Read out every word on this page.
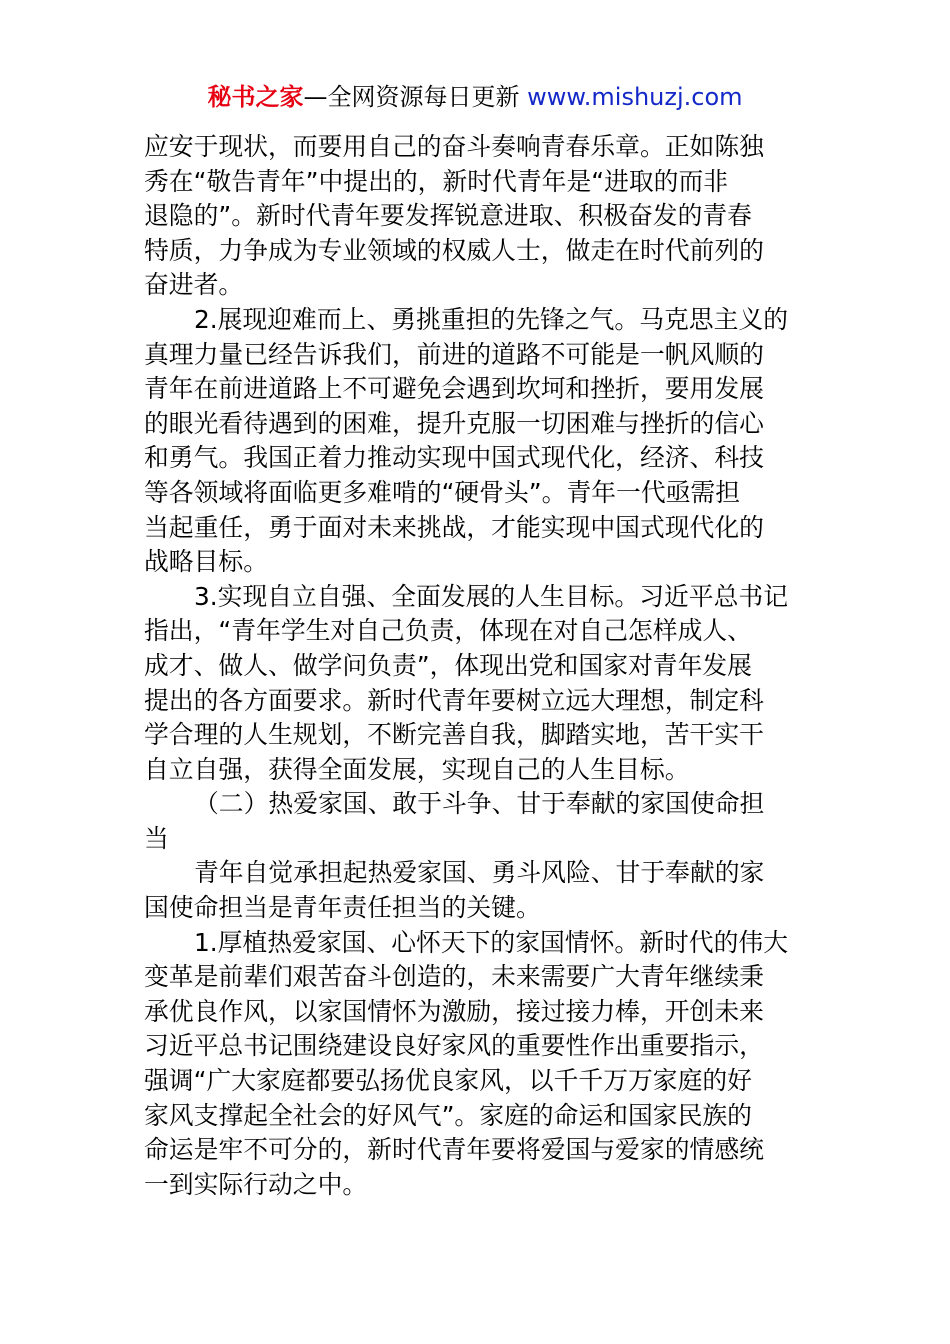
秘书之家—全网资源每日更新 www.mishuzj.com
应安于现状，而要用自己的奋斗奏响青春乐章。正如陈独
秀在“敬告青年”中提出的，新时代青年是“进取的而非
退隐的”。新时代青年要发挥锐意进取、积极奋发的青春
特质，力争成为专业领域的权威人士，做走在时代前列的
奋进者。
2.展现迎难而上、勇挑重担的先锋之气。马克思主义的
真理力量已经告诉我们，前进的道路不可能是一帆风顺的
青年在前进道路上不可避免会遇到坎坷和挫折，要用发展
的眼光看待遇到的困难，提升克服一切困难与挫折的信心
和勇气。我国正着力推动实现中国式现代化，经济、科技
等各领域将面临更多难啃的“硬骨头”。青年一代亟需担
当起重任，勇于面对未来挑战，才能实现中国式现代化的
战略目标。
3.实现自立自强、全面发展的人生目标。习近平总书记
指出，“青年学生对自己负责，体现在对自己怎样成人、
成才、做人、做学问负责”，体现出党和国家对青年发展
提出的各方面要求。新时代青年要树立远大理想，制定科
学合理的人生规划，不断完善自我，脚踏实地，苦干实干
自立自强，获得全面发展，实现自己的人生目标。
（二）热爱家国、敢于斗争、甘于奉献的家国使命担
当
青年自觉承担起热爱家国、勇斗风险、甘于奉献的家
国使命担当是青年责任担当的关键。
1.厚植热爱家国、心怀天下的家国情怀。新时代的伟大
变革是前辈们艰苦奋斗创造的，未来需要广大青年继续秉
承优良作风，以家国情怀为激励，接过接力棒，开创未来
习近平总书记围绕建设良好家风的重要性作出重要指示，
强调“广大家庭都要弘扬优良家风，以千千万万家庭的好
家风支撑起全社会的好风气”。家庭的命运和国家民族的
命运是牢不可分的，新时代青年要将爱国与爱家的情感统
一到实际行动之中。
